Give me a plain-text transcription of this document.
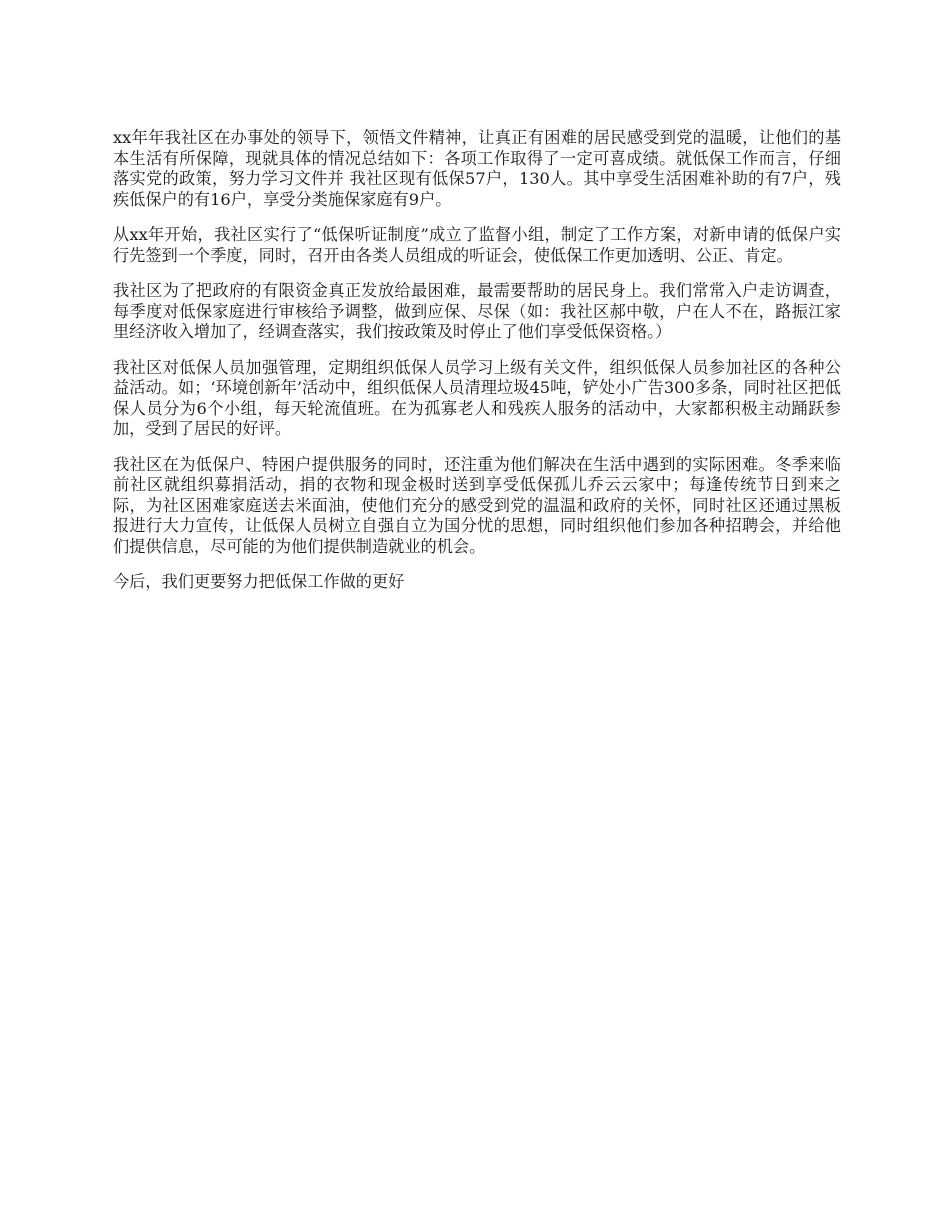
xx年年我社区在办事处的领导下，领悟文件精神，让真正有困难的居民感受到党的温暖，让他们的基本生活有所保障，现就具体的情况总结如下：各项工作取得了一定可喜成绩。就低保工作而言，仔细落实党的政策，努力学习文件并 我社区现有低保57户，130人。其中享受生活困难补助的有7户，残疾低保户的有16户，享受分类施保家庭有9户。

从xx年开始，我社区实行了“低保听证制度”成立了监督小组，制定了工作方案，对新申请的低保户实行先签到一个季度，同时，召开由各类人员组成的听证会，使低保工作更加透明、公正、肯定。

我社区为了把政府的有限资金真正发放给最困难，最需要帮助的居民身上。我们常常入户走访调查，每季度对低保家庭进行审核给予调整，做到应保、尽保（如：我社区郝中敬，户在人不在，路振江家里经济收入增加了，经调查落实，我们按政策及时停止了他们享受低保资格。）

我社区对低保人员加强管理，定期组织低保人员学习上级有关文件，组织低保人员参加社区的各种公益活动。如；‘环境创新年’活动中，组织低保人员清理垃圾45吨，铲处小广告300多条，同时社区把低保人员分为6个小组，每天轮流值班。在为孤寡老人和残疾人服务的活动中，大家都积极主动踊跃参加，受到了居民的好评。

我社区在为低保户、特困户提供服务的同时，还注重为他们解决在生活中遇到的实际困难。冬季来临前社区就组织募捐活动，捐的衣物和现金极时送到享受低保孤儿乔云云家中；每逢传统节日到来之际，为社区困难家庭送去米面油，使他们充分的感受到党的温温和政府的关怀，同时社区还通过黑板报进行大力宣传，让低保人员树立自强自立为国分忧的思想，同时组织他们参加各种招聘会，并给他们提供信息，尽可能的为他们提供制造就业的机会。

今后，我们更要努力把低保工作做的更好
